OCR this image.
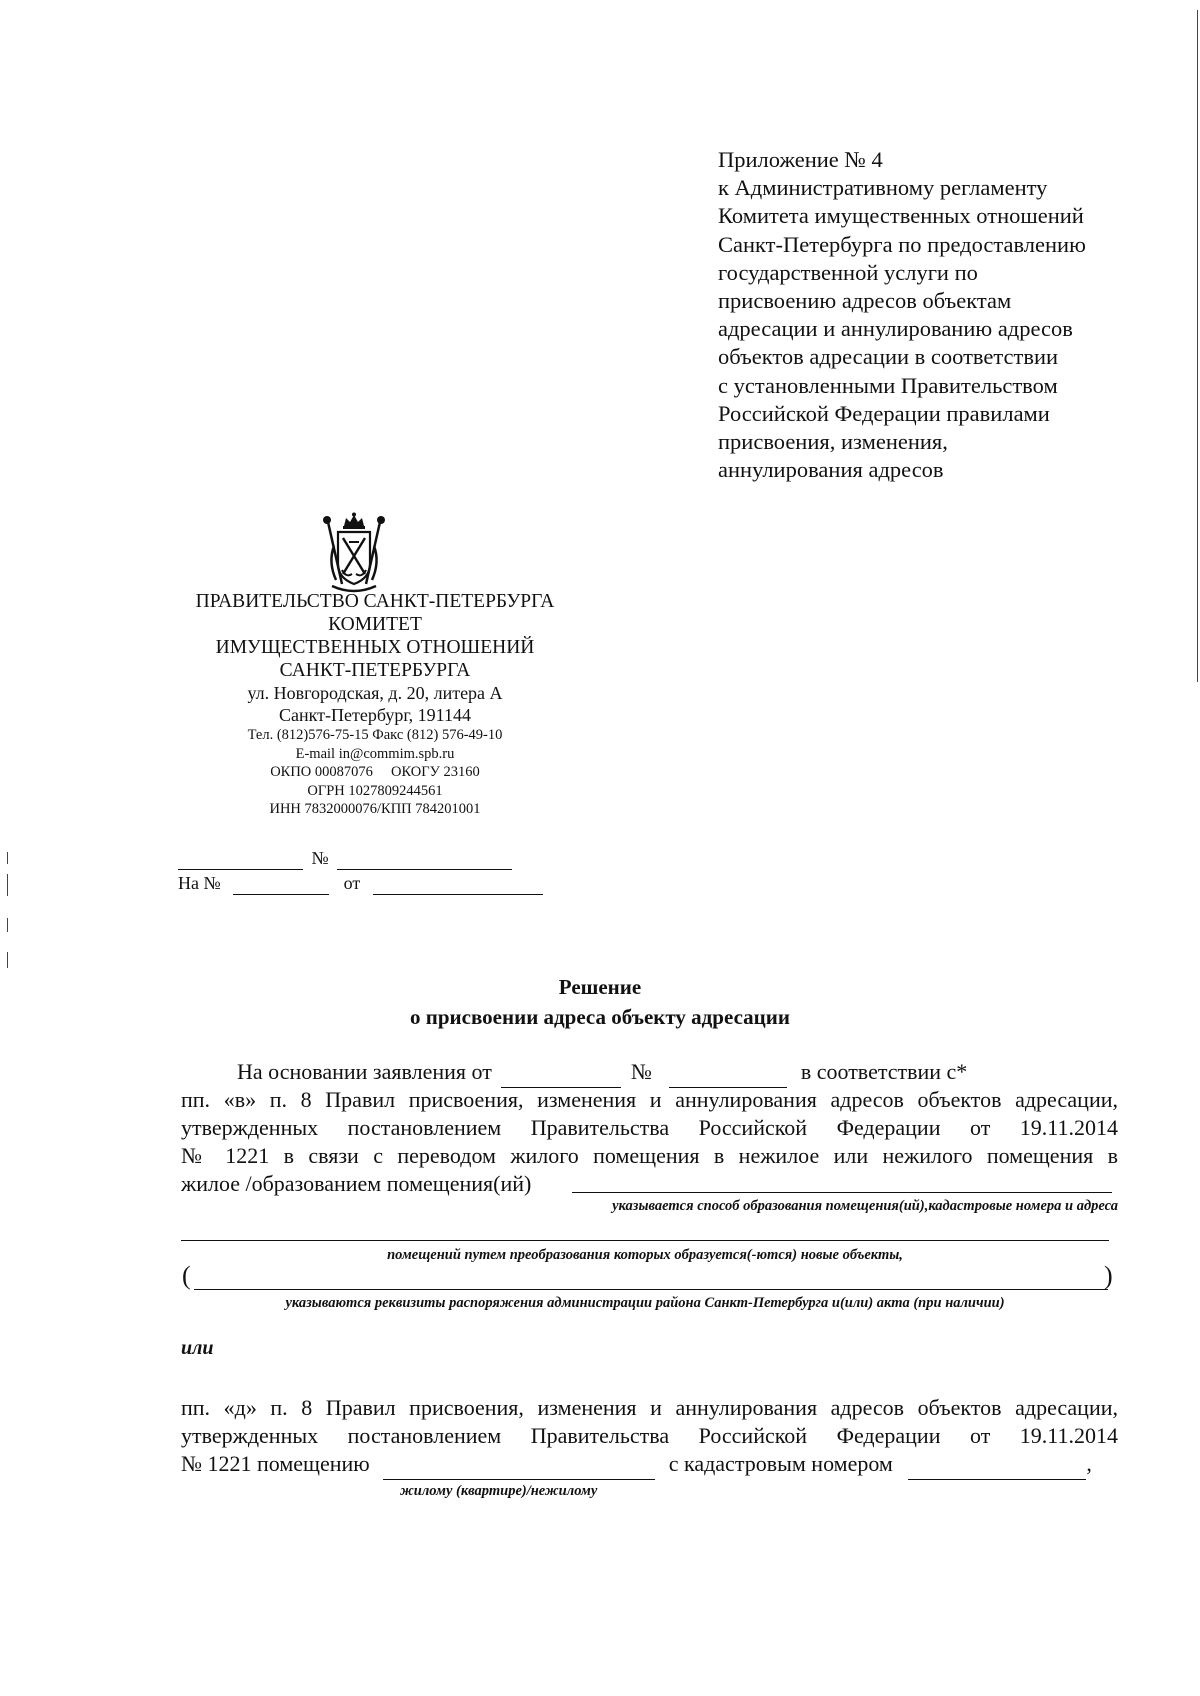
Приложение № 4
к Административному регламенту
Комитета имущественных отношений
Санкт-Петербурга по предоставлению
государственной услуги по
присвоению адресов объектам
адресации и аннулированию адресов
объектов адресации в соответствии
с установленными Правительством
Российской Федерации правилами
присвоения, изменения,
аннулирования адресов
ПРАВИТЕЛЬСТВО САНКТ-ПЕТЕРБУРГА
КОМИТЕТ
ИМУЩЕСТВЕННЫХ ОТНОШЕНИЙ
САНКТ-ПЕТЕРБУРГА
ул. Новгородская, д. 20, литера А
Санкт-Петербург, 191144
Тел. (812)576-75-15 Факс (812) 576-49-10
E-mail in@commim.spb.ru
ОКПО 00087076     ОКОГУ 23160
ОГРН 1027809244561
ИНН 7832000076/КПП 784201001
№
На №	от
Решение
о присвоении адреса объекту адресации
На основании заявления от	№	в соответствии с*
пп. «в» п. 8 Правил присвоения, изменения и аннулирования адресов объектов адресации,
утвержденных постановлением Правительства Российской Федерации от 19.11.2014
№ 1221 в связи с переводом жилого помещения в нежилое или нежилого помещения в
жилое /образованием помещения(ий)
указывается способ образования помещения(ий),кадастровые номера и адреса
помещений путем преобразования которых образуется(-ются) новые объекты,
(	)
указываются реквизиты распоряжения администрации района Санкт-Петербурга и(или) акта (при наличии)
или
пп. «д» п. 8 Правил присвоения, изменения и аннулирования адресов объектов адресации,
утвержденных постановлением Правительства Российской Федерации от 19.11.2014
№ 1221 помещению	с кадастровым номером	,
жилому (квартире)/нежилому
